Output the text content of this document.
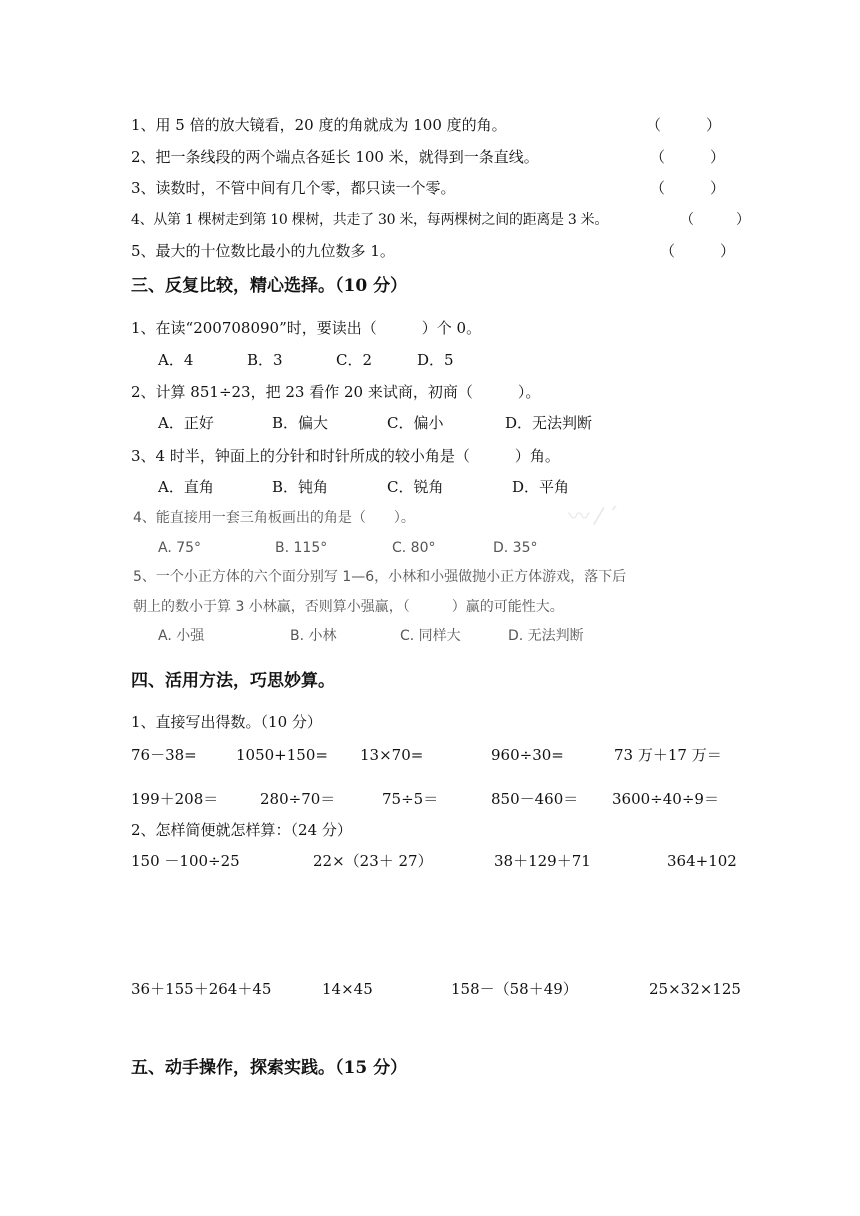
1、用 5 倍的放大镜看，20 度的角就成为 100 度的角。	（　　　）
2、把一条线段的两个端点各延长 100 米，就得到一条直线。	（　　　）
3、读数时，不管中间有几个零，都只读一个零。	（　　　）
4、从第 1 棵树走到第 10 棵树，共走了 30 米，每两棵树之间的距离是 3 米。	（　　　）
5、最大的十位数比最小的九位数多 1。	（　　　）
三、反复比较，精心选择。（10 分）
1、在读“200708090”时，要读出（　　　）个 0。
A．4	B．3	C．2	D．5
2、计算 851÷23，把 23 看作 20 来试商，初商（　　　）。
A．正好	B．偏大	C．偏小	D．无法判断
3、4 时半，钟面上的分针和时针所成的较小角是（　　　）角。
A．直角	B．钝角	C．锐角	D．平角
〰 ⁄ ˊ
4、能直接用一套三角板画出的角是（　　）。
A. 75°	B. 115°	C. 80°	D. 35°
5、一个小正方体的六个面分别写 1—6，小林和小强做抛小正方体游戏，落下后
朝上的数小于算 3 小林赢，否则算小强赢，（　　　）赢的可能性大。
A. 小强	B. 小林	C. 同样大	D. 无法判断
四、活用方法，巧思妙算。
1、直接写出得数。（10 分）
76－38=	1050+150= 13×70=	960÷30=	73 万＋17 万＝
199＋208＝	280÷70＝	75÷5＝	850－460＝ 3600÷40÷9＝
2、怎样简便就怎样算：（24 分）
150 －100÷25	22×（23＋ 27）	38＋129＋71	364+102
36＋155＋264＋45	14×45	158－（58＋49）	25×32×125
五、动手操作，探索实践。（15 分）
